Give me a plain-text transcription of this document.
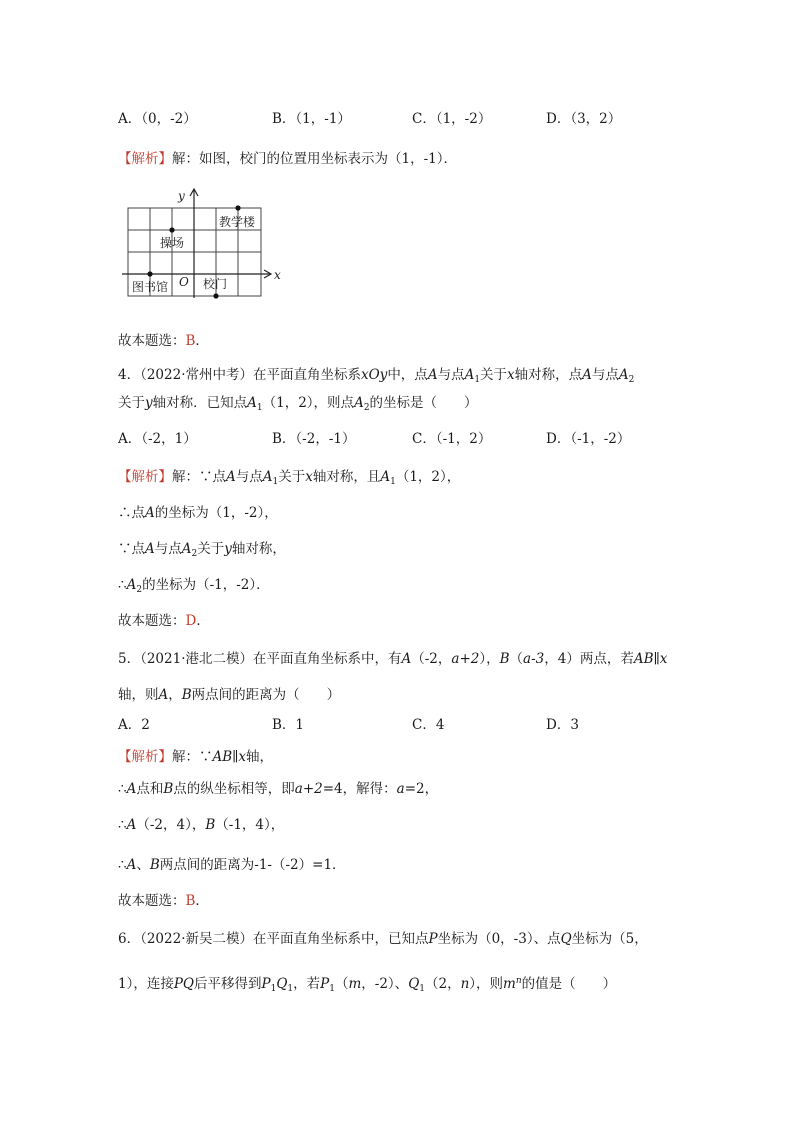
A．（0，-2）	B．（1，-1）	C．（1，-2）	D．（3，2）
【解析】解：如图，校门的位置用坐标表示为（1，-1）．
y
x
O
教学楼
操场
图书馆	校门
故本题选：B．
4．（2022·常州中考）在平面直角坐标系xOy中，点A与点$A_1$关于x轴对称，点A与点$A_2$
关于y轴对称．已知点$A_1(1$，2），则点$A_2$的坐标是（　　）
A．（-2，1）	B．（-2，-1）	C．（-1，2）	D．（-1，-2）
【解析】解：∵点A与点$A_1$关于x轴对称，且$A_1(1$，2），
∴点A的坐标为（1，-2），
∵点A与点$A_2$关于y轴对称，
$\therefore A_2$的坐标为（-1，-2）．
故本题选：D．
5．（2021·港北二模）在平面直角坐标系中，有A（-2，a+2），B（a-3，4）两点，若AB∥x
轴，则A，B两点间的距离为（　　）
A．2	B．1	C．4	D．3
【解析】解：∵AB∥x轴，
∴A点和B点的纵坐标相等，即a+2=4，解得：a=2，
∴A（-2，4），B（-1，4），
∴A、B两点间的距离为-1-（-2）=1．
故本题选：B．
6．（2022·新吴二模）在平面直角坐标系中，已知点P坐标为（0，-3）、点Q坐标为（5，
1），连接PQ后平移得到$P_1Q_1$，若$P_1(m$，-2）、$Q_1(2$，n），则$m^n$的值是（　　）
